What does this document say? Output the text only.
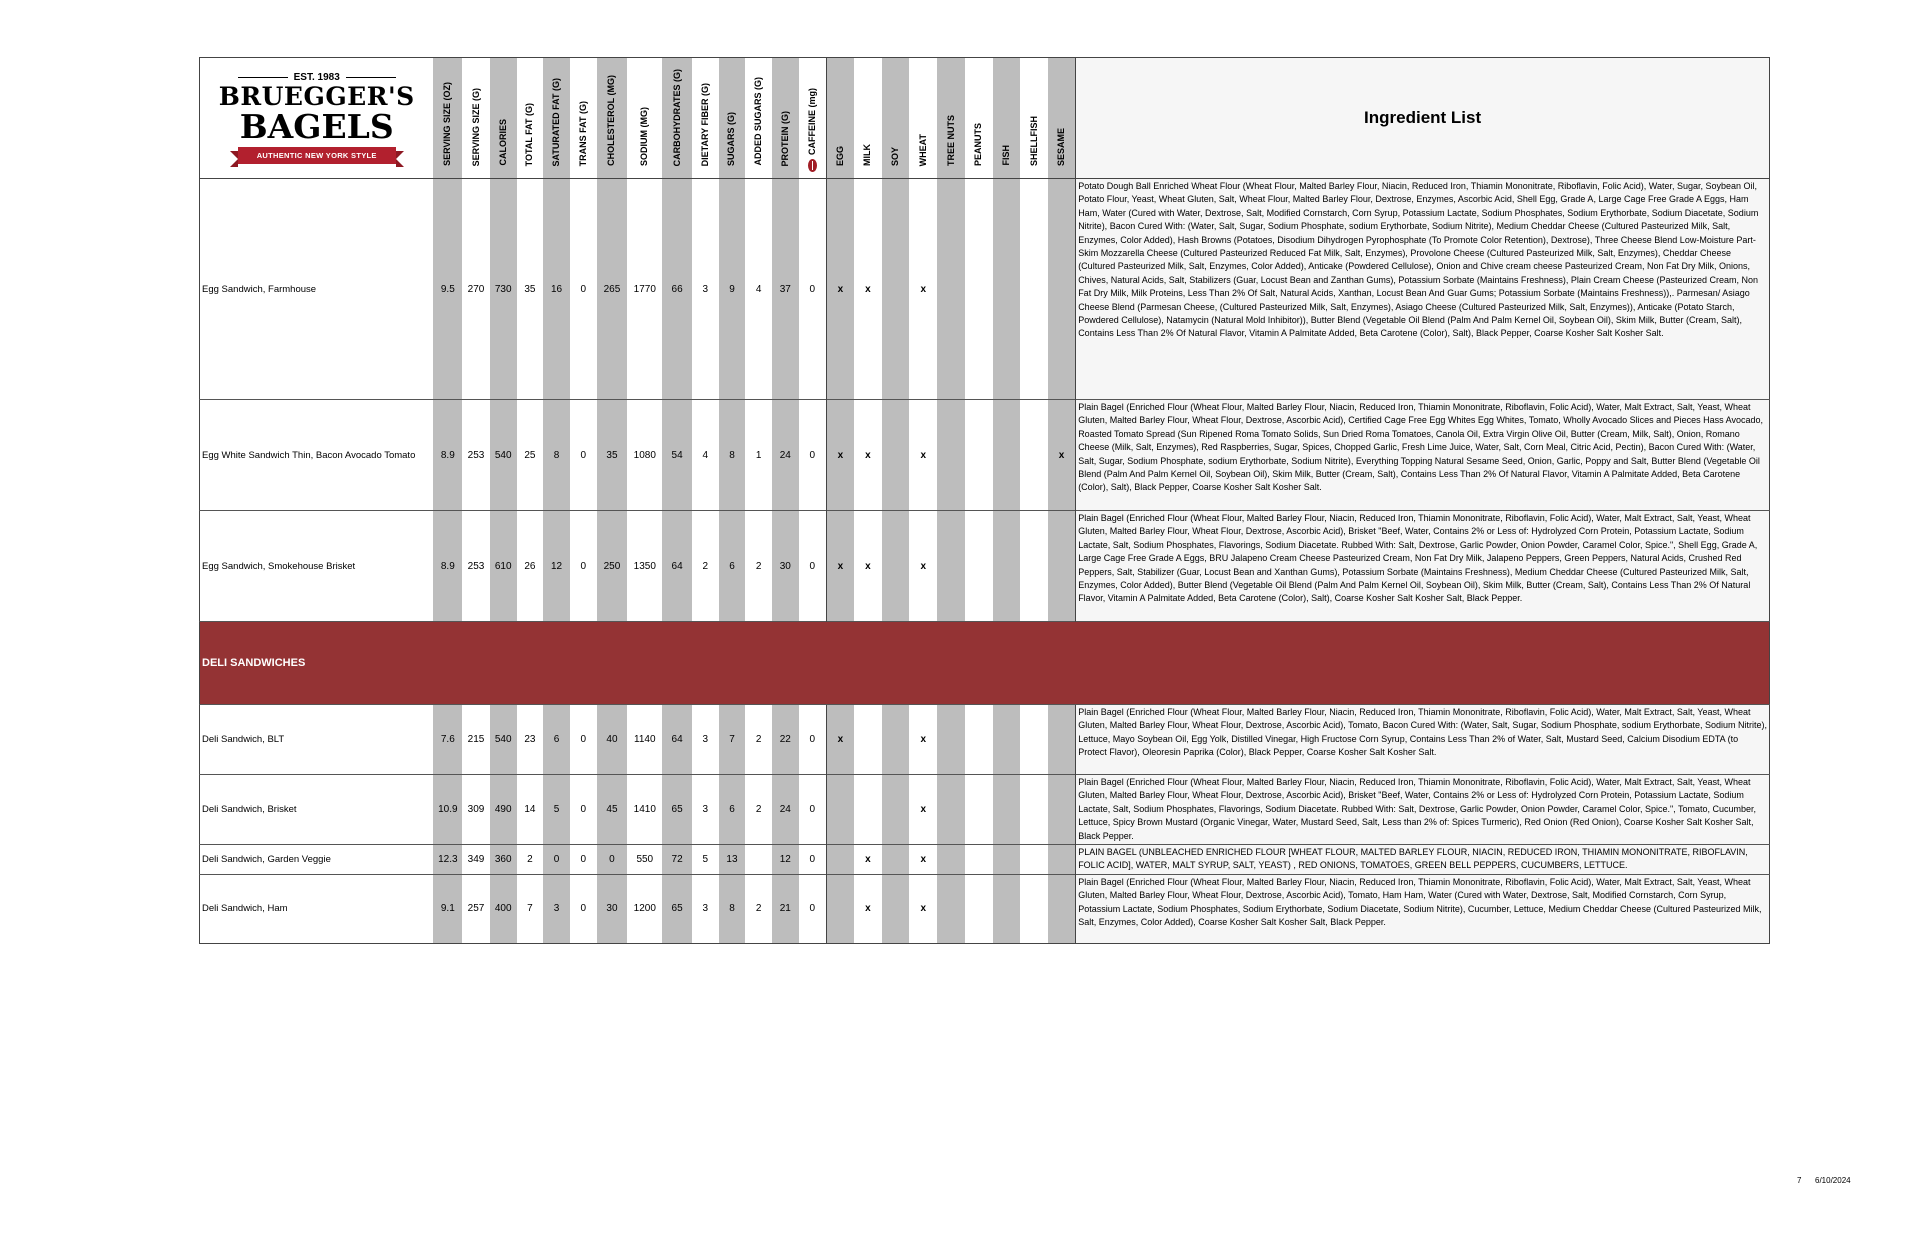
EST. 1983
BRUEGGER'S
BAGELS
AUTHENTIC NEW YORK STYLE	SERVING SIZE (OZ)	SERVING SIZE (G)	CALORIES	TOTAL FAT (G)	SATURATED FAT (G)	TRANS FAT (G)	CHOLESTEROL (MG)	SODIUM (MG)	CARBOHYDRATES (G)	DIETARY FIBER (G)	SUGARS (G)	ADDED SUGARS (G)	PROTEIN (G)	CAFFEINE (mg)	EGG	MILK	SOY	WHEAT	TREE NUTS	PEANUTS	FISH	SHELLFISH	SESAME	Ingredient List
Egg Sandwich, Farmhouse	9.5	270	730	35	16	0	265	1770	66	3	9	4	37	0	x	x		x						Potato Dough Ball Enriched Wheat Flour (Wheat Flour, Malted Barley Flour, Niacin, Reduced Iron, Thiamin Mononitrate, Riboflavin, Folic Acid), Water, Sugar, Soybean Oil, Potato Flour, Yeast, Wheat Gluten, Salt, Wheat Flour, Malted Barley Flour, Dextrose, Enzymes, Ascorbic Acid, Shell Egg, Grade A, Large Cage Free Grade A Eggs, Ham Ham, Water (Cured with Water, Dextrose, Salt, Modified Cornstarch, Corn Syrup, Potassium Lactate, Sodium Phosphates, Sodium Erythorbate, Sodium Diacetate, Sodium Nitrite), Bacon Cured With: (Water, Salt, Sugar, Sodium Phosphate, sodium Erythorbate, Sodium Nitrite), Medium Cheddar Cheese (Cultured Pasteurized Milk, Salt, Enzymes, Color Added), Hash Browns (Potatoes, Disodium Dihydrogen Pyrophosphate (To Promote Color Retention), Dextrose), Three Cheese Blend Low-Moisture Part-Skim Mozzarella Cheese (Cultured Pasteurized Reduced Fat Milk, Salt, Enzymes), Provolone Cheese (Cultured Pasteurized Milk, Salt, Enzymes), Cheddar Cheese (Cultured Pasteurized Milk, Salt, Enzymes, Color Added), Anticake (Powdered Cellulose), Onion and Chive cream cheese Pasteurized Cream, Non Fat Dry Milk, Onions, Chives, Natural Acids, Salt, Stabilizers (Guar, Locust Bean and Zanthan Gums), Potassium Sorbate (Maintains Freshness), Plain Cream Cheese (Pasteurized Cream, Non Fat Dry Milk, Milk Proteins, Less Than 2% Of Salt, Natural Acids, Xanthan, Locust Bean And Guar Gums; Potassium Sorbate (Maintains Freshness)),. Parmesan/ Asiago Cheese Blend (Parmesan Cheese, (Cultured Pasteurized Milk, Salt, Enzymes), Asiago Cheese (Cultured Pasteurized Milk, Salt, Enzymes)), Anticake (Potato Starch, Powdered Cellulose), Natamycin (Natural Mold Inhibitor)), Butter Blend (Vegetable Oil Blend (Palm And Palm Kernel Oil, Soybean Oil), Skim Milk, Butter (Cream, Salt), Contains Less Than 2% Of Natural Flavor, Vitamin A Palmitate Added, Beta Carotene (Color), Salt), Black Pepper, Coarse Kosher Salt Kosher Salt.
Egg White Sandwich Thin, Bacon Avocado Tomato	8.9	253	540	25	8	0	35	1080	54	4	8	1	24	0	x	x		x					x	Plain Bagel (Enriched Flour (Wheat Flour, Malted Barley Flour, Niacin, Reduced Iron, Thiamin Mononitrate, Riboflavin, Folic Acid), Water, Malt Extract, Salt, Yeast, Wheat Gluten, Malted Barley Flour, Wheat Flour, Dextrose, Ascorbic Acid), Certified Cage Free Egg Whites Egg Whites, Tomato, Wholly Avocado Slices and Pieces Hass Avocado, Roasted Tomato Spread (Sun Ripened Roma Tomato Solids, Sun Dried Roma Tomatoes, Canola Oil, Extra Virgin Olive Oil, Butter (Cream, Milk, Salt), Onion, Romano Cheese (Milk, Salt, Enzymes), Red Raspberries, Sugar, Spices, Chopped Garlic, Fresh Lime Juice, Water, Salt, Corn Meal, Citric Acid, Pectin), Bacon Cured With: (Water, Salt, Sugar, Sodium Phosphate, sodium Erythorbate, Sodium Nitrite), Everything Topping Natural Sesame Seed, Onion, Garlic, Poppy and Salt, Butter Blend (Vegetable Oil Blend (Palm And Palm Kernel Oil, Soybean Oil), Skim Milk, Butter (Cream, Salt), Contains Less Than 2% Of Natural Flavor, Vitamin A Palmitate Added, Beta Carotene (Color), Salt), Black Pepper, Coarse Kosher Salt Kosher Salt.
Egg Sandwich, Smokehouse Brisket	8.9	253	610	26	12	0	250	1350	64	2	6	2	30	0	x	x		x						Plain Bagel (Enriched Flour (Wheat Flour, Malted Barley Flour, Niacin, Reduced Iron, Thiamin Mononitrate, Riboflavin, Folic Acid), Water, Malt Extract, Salt, Yeast, Wheat Gluten, Malted Barley Flour, Wheat Flour, Dextrose, Ascorbic Acid), Brisket "Beef, Water, Contains 2% or Less of: Hydrolyzed Corn Protein, Potassium Lactate, Sodium Lactate, Salt, Sodium Phosphates, Flavorings, Sodium Diacetate. Rubbed With: Salt, Dextrose, Garlic Powder, Onion Powder, Caramel Color, Spice.", Shell Egg, Grade A, Large Cage Free Grade A Eggs, BRU Jalapeno Cream Cheese Pasteurized Cream, Non Fat Dry Milk, Jalapeno Peppers, Green Peppers, Natural Acids, Crushed Red Peppers, Salt, Stabilizer (Guar, Locust Bean and Xanthan Gums), Potassium Sorbate (Maintains Freshness), Medium Cheddar Cheese (Cultured Pasteurized Milk, Salt, Enzymes, Color Added), Butter Blend (Vegetable Oil Blend (Palm And Palm Kernel Oil, Soybean Oil), Skim Milk, Butter (Cream, Salt), Contains Less Than 2% Of Natural Flavor, Vitamin A Palmitate Added, Beta Carotene (Color), Salt), Coarse Kosher Salt Kosher Salt, Black Pepper.
DELI SANDWICHES																								
Deli Sandwich, BLT	7.6	215	540	23	6	0	40	1140	64	3	7	2	22	0	x			x						Plain Bagel (Enriched Flour (Wheat Flour, Malted Barley Flour, Niacin, Reduced Iron, Thiamin Mononitrate, Riboflavin, Folic Acid), Water, Malt Extract, Salt, Yeast, Wheat Gluten, Malted Barley Flour, Wheat Flour, Dextrose, Ascorbic Acid), Tomato, Bacon Cured With: (Water, Salt, Sugar, Sodium Phosphate, sodium Erythorbate, Sodium Nitrite), Lettuce, Mayo Soybean Oil, Egg Yolk, Distilled Vinegar, High Fructose Corn Syrup, Contains Less Than 2% of Water, Salt, Mustard Seed, Calcium Disodium EDTA (to Protect Flavor), Oleoresin Paprika (Color), Black Pepper, Coarse Kosher Salt Kosher Salt.
Deli Sandwich, Brisket	10.9	309	490	14	5	0	45	1410	65	3	6	2	24	0				x						Plain Bagel (Enriched Flour (Wheat Flour, Malted Barley Flour, Niacin, Reduced Iron, Thiamin Mononitrate, Riboflavin, Folic Acid), Water, Malt Extract, Salt, Yeast, Wheat Gluten, Malted Barley Flour, Wheat Flour, Dextrose, Ascorbic Acid), Brisket "Beef, Water, Contains 2% or Less of: Hydrolyzed Corn Protein, Potassium Lactate, Sodium Lactate, Salt, Sodium Phosphates, Flavorings, Sodium Diacetate. Rubbed With: Salt, Dextrose, Garlic Powder, Onion Powder, Caramel Color, Spice.", Tomato, Cucumber, Lettuce, Spicy Brown Mustard (Organic Vinegar, Water, Mustard Seed, Salt, Less than 2% of: Spices Turmeric), Red Onion (Red Onion), Coarse Kosher Salt Kosher Salt, Black Pepper.
Deli Sandwich, Garden Veggie	12.3	349	360	2	0	0	0	550	72	5	13		12	0		x		x						PLAIN BAGEL (UNBLEACHED ENRICHED FLOUR [WHEAT FLOUR, MALTED BARLEY FLOUR, NIACIN, REDUCED IRON, THIAMIN MONONITRATE, RIBOFLAVIN, FOLIC ACID], WATER, MALT SYRUP, SALT, YEAST) , RED ONIONS, TOMATOES, GREEN BELL PEPPERS, CUCUMBERS, LETTUCE.
Deli Sandwich, Ham	9.1	257	400	7	3	0	30	1200	65	3	8	2	21	0		x		x						Plain Bagel (Enriched Flour (Wheat Flour, Malted Barley Flour, Niacin, Reduced Iron, Thiamin Mononitrate, Riboflavin, Folic Acid), Water, Malt Extract, Salt, Yeast, Wheat Gluten, Malted Barley Flour, Wheat Flour, Dextrose, Ascorbic Acid), Tomato, Ham Ham, Water (Cured with Water, Dextrose, Salt, Modified Cornstarch, Corn Syrup, Potassium Lactate, Sodium Phosphates, Sodium Erythorbate, Sodium Diacetate, Sodium Nitrite), Cucumber, Lettuce, Medium Cheddar Cheese (Cultured Pasteurized Milk, Salt, Enzymes, Color Added), Coarse Kosher Salt Kosher Salt, Black Pepper.
7 6/10/2024
